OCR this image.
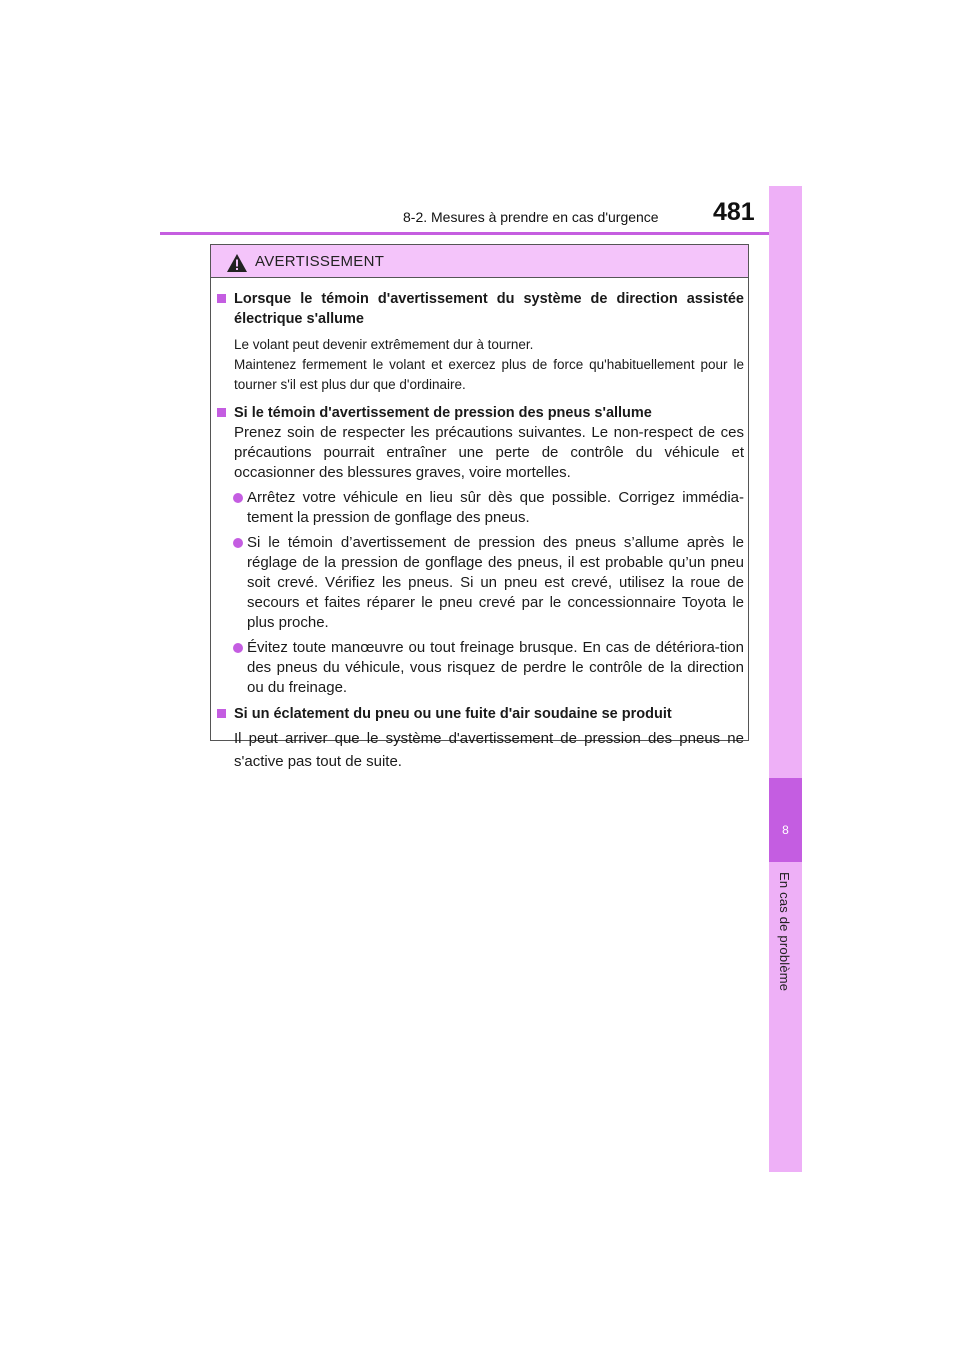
8-2. Mesures à prendre en cas d'urgence 481
8
En cas de problème
AVERTISSEMENT
Lorsque le témoin d'avertissement du système de direction assistée électrique s'allume
Le volant peut devenir extrêmement dur à tourner.
Maintenez fermement le volant et exercez plus de force qu'habituellement pour le tourner s'il est plus dur que d'ordinaire.
Si le témoin d'avertissement de pression des pneus s'allume
Prenez soin de respecter les précautions suivantes. Le non-respect de ces précautions pourrait entraîner une perte de contrôle du véhicule et occasionner des blessures graves, voire mortelles.
Arrêtez votre véhicule en lieu sûr dès que possible. Corrigez immédia-tement la pression de gonflage des pneus.
Si le témoin d’avertissement de pression des pneus s’allume après le réglage de la pression de gonflage des pneus, il est probable qu’un pneu soit crevé. Vérifiez les pneus. Si un pneu est crevé, utilisez la roue de secours et faites réparer le pneu crevé par le concessionnaire Toyota le plus proche.
Évitez toute manœuvre ou tout freinage brusque. En cas de détériora-tion des pneus du véhicule, vous risquez de perdre le contrôle de la direction ou du freinage.
Si un éclatement du pneu ou une fuite d'air soudaine se produit
Il peut arriver que le système d'avertissement de pression des pneus ne s'active pas tout de suite.
